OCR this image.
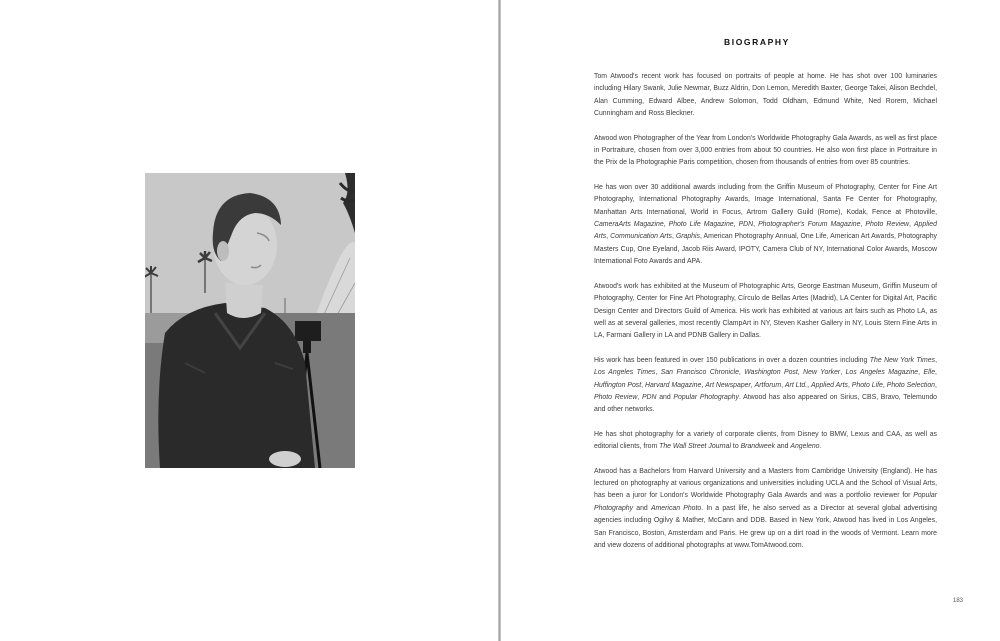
BIOGRAPHY

Tom Atwood's recent work has focused on portraits of people at home. He has shot over 100 luminaries including Hilary Swank, Julie Newmar, Buzz Aldrin, Don Lemon, Meredith Baxter, George Takei, Alison Bechdel, Alan Cumming, Edward Albee, Andrew Solomon, Todd Oldham, Edmund White, Ned Rorem, Michael Cunningham and Ross Bleckner.

Atwood won Photographer of the Year from London's Worldwide Photography Gala Awards, as well as first place in Portraiture, chosen from over 3,000 entries from about 50 countries. He also won first place in Portraiture in the Prix de la Photographie Paris competition, chosen from thousands of entries from over 85 countries.

He has won over 30 additional awards including from the Griffin Museum of Photography, Center for Fine Art Photography, International Photography Awards, Image International, Santa Fe Center for Photography, Manhattan Arts International, World in Focus, Artrom Gallery Guild (Rome), Kodak, Fence at Photoville, CameraArts Magazine, Photo Life Magazine, PDN, Photographer's Forum Magazine, Photo Review, Applied Arts, Communication Arts, Graphis, American Photography Annual, One Life, American Art Awards, Photography Masters Cup, One Eyeland, Jacob Riis Award, IPOTY, Camera Club of NY, International Color Awards, Moscow International Foto Awards and APA.

Atwood's work has exhibited at the Museum of Photographic Arts, George Eastman Museum, Griffin Museum of Photography, Center for Fine Art Photography, Círculo de Bellas Artes (Madrid), LA Center for Digital Art, Pacific Design Center and Directors Guild of America. His work has exhibited at various art fairs such as Photo LA, as well as at several galleries, most recently ClampArt in NY, Steven Kasher Gallery in NY, Louis Stern Fine Arts in LA, Farmani Gallery in LA and PDNB Gallery in Dallas.

His work has been featured in over 150 publications in over a dozen countries including The New York Times, Los Angeles Times, San Francisco Chronicle, Washington Post, New Yorker, Los Angeles Magazine, Elle, Huffington Post, Harvard Magazine, Art Newspaper, Artforum, Art Ltd., Applied Arts, Photo Life, Photo Selection, Photo Review, PDN and Popular Photography. Atwood has also appeared on Sirius, CBS, Bravo, Telemundo and other networks.

He has shot photography for a variety of corporate clients, from Disney to BMW, Lexus and CAA, as well as editorial clients, from The Wall Street Journal to Brandweek and Angeleno.

Atwood has a Bachelors from Harvard University and a Masters from Cambridge University (England). He has lectured on photography at various organizations and universities including UCLA and the School of Visual Arts, has been a juror for London's Worldwide Photography Gala Awards and was a portfolio reviewer for Popular Photography and American Photo. In a past life, he also served as a Director at several global advertising agencies including Ogilvy & Mather, McCann and DDB. Based in New York, Atwood has lived in Los Angeles, San Francisco, Boston, Amsterdam and Paris. He grew up on a dirt road in the woods of Vermont. Learn more and view dozens of additional photographs at www.TomAtwood.com.

183
